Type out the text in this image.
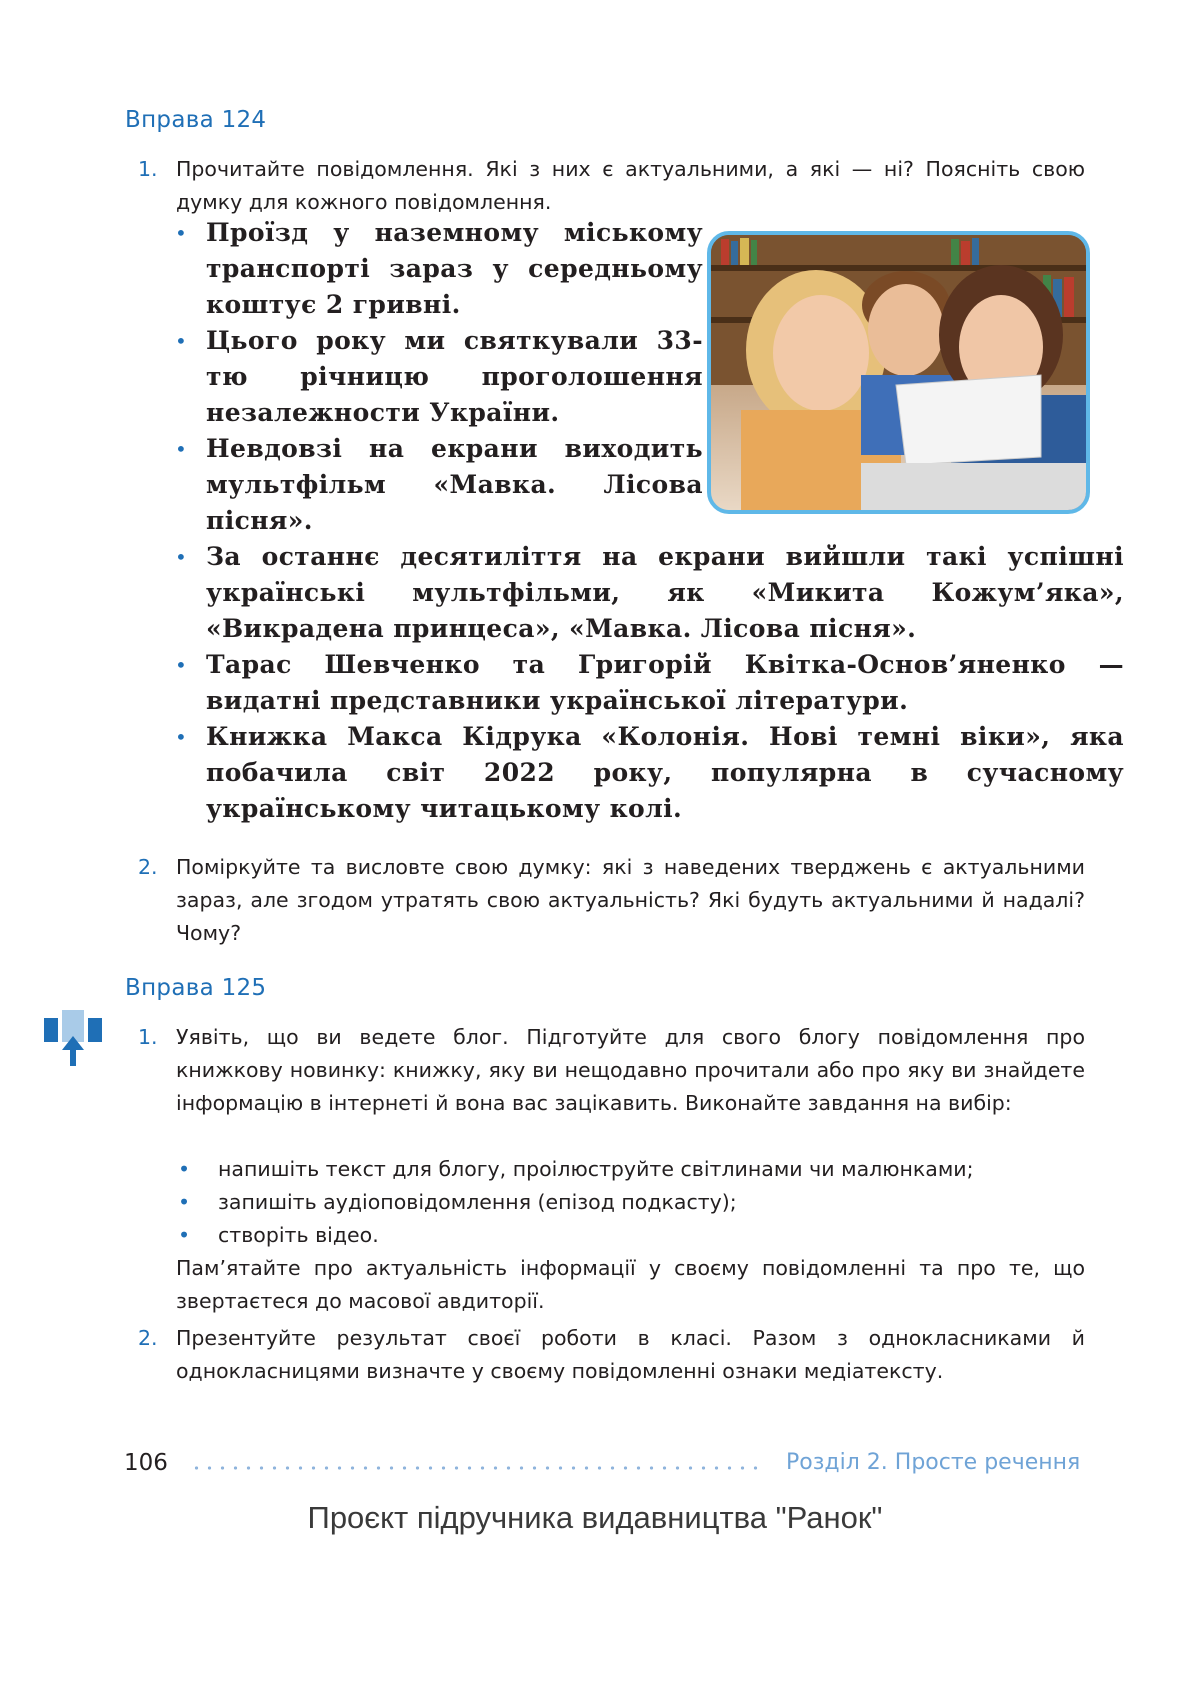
Вправа 124
1. Прочитайте повідомлення. Які з них є актуальними, а які — ні? Поясніть свою думку для кожного повідомлення.
• Проїзд у наземному міському транспорті зараз у середньому коштує 2 гривні.
• Цього року ми святкували 33-тю річницю проголошення незалежности України.
• Невдовзі на екрани виходить мультфільм «Мавка. Лісова пісня».
• За останнє десятиліття на екрани вийшли такі успішні українські мультфільми, як «Микита Кожум’яка», «Викрадена принцеса», «Мавка. Лісова пісня».
• Тарас Шевченко та Григорій Квітка-Основ’яненко — видатні представники української літератури.
• Книжка Макса Кідрука «Колонія. Нові темні віки», яка побачила світ 2022 року, популярна в сучасному українському читацькому колі.
2. Поміркуйте та висловте свою думку: які з наведених тверджень є актуальними зараз, але згодом утратять свою актуальність? Які будуть актуальними й надалі? Чому?
Вправа 125
1. Уявіть, що ви ведете блог. Підготуйте для свого блогу повідомлення про книжкову новинку: книжку, яку ви нещодавно прочитали або про яку ви знайдете інформацію в інтернеті й вона вас зацікавить. Виконайте завдання на вибір:
• напишіть текст для блогу, проілюструйте світлинами чи малюнками;
• запишіть аудіоповідомлення (епізод подкасту);
• створіть відео.
Пам’ятайте про актуальність інформації у своєму повідомленні та про те, що звертаєтеся до масової авдиторії.
2. Презентуйте результат своєї роботи в класі. Разом з однокласниками й однокласницями визначте у своєму повідомленні ознаки медіатексту.
106	Розділ 2. Просте речення
Проєкт підручника видавництва "Ранок"
